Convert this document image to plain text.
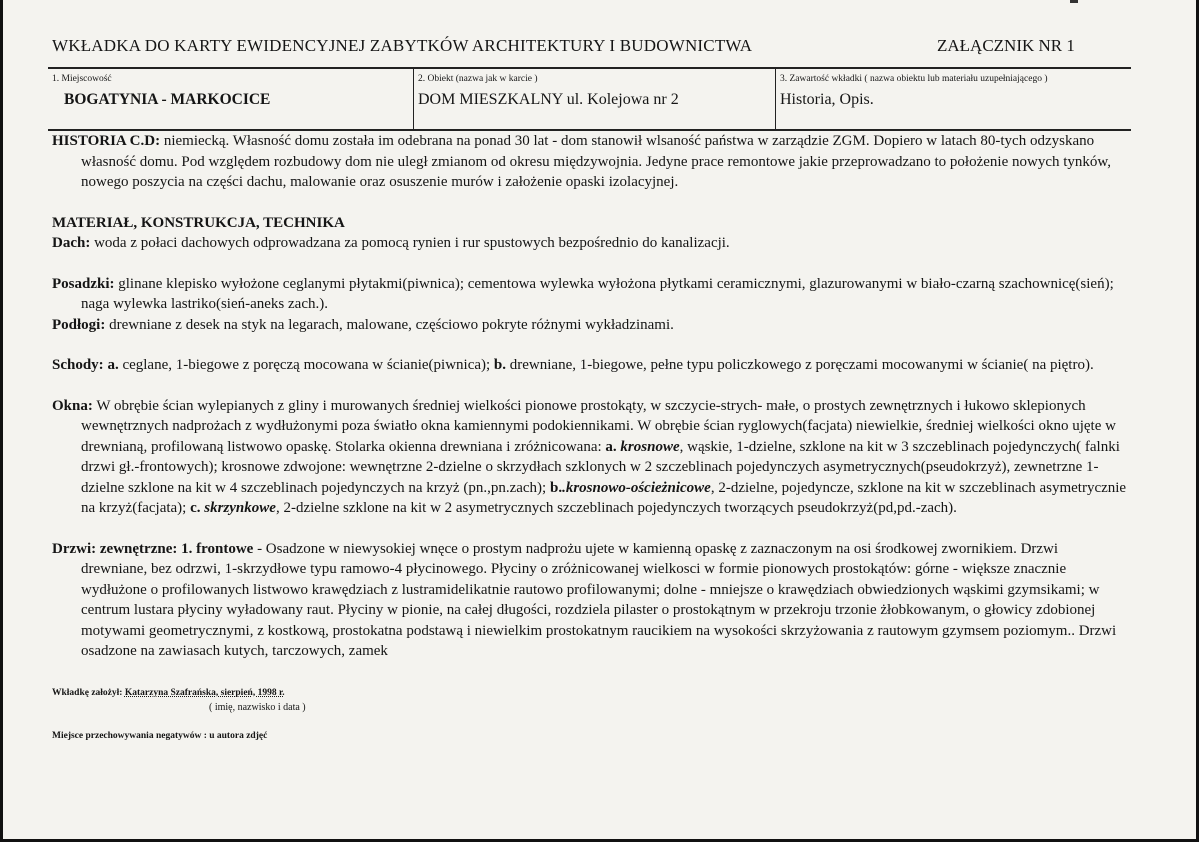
WKŁADKA DO KARTY EWIDENCYJNEJ ZABYTKÓW ARCHITEKTURY I BUDOWNICTWA	ZAŁĄCZNIK NR 1
1. Miejscowość
BOGATYNIA - MARKOCICE
2. Obiekt (nazwa jak w karcie )
DOM MIESZKALNY ul. Kolejowa nr 2
3. Zawartość wkładki ( nazwa obiektu lub materiału uzupełniającego )
Historia, Opis.

HISTORIA C.D: niemiecką. Własność domu została im odebrana na ponad 30 lat - dom stanowił wlsaność państwa w zarządzie ZGM. Dopiero w latach 80-tych odzyskano własność domu. Pod względem rozbudowy dom nie uległ zmianom od okresu międzywojnia. Jedyne prace remontowe jakie przeprowadzano to położenie nowych tynków, nowego poszycia na części dachu, malowanie oraz osuszenie murów i założenie opaski izolacyjnej.

MATERIAŁ, KONSTRUKCJA, TECHNIKA

Dach: woda z połaci dachowych odprowadzana za pomocą rynien i rur spustowych bezpośrednio do kanalizacji.

Posadzki: glinane klepisko wyłożone ceglanymi płytakmi(piwnica); cementowa wylewka wyłożona płytkami ceramicznymi, glazurowanymi w biało-czarną szachownicę(sień); naga wylewka lastriko(sień-aneks zach.).

Podłogi: drewniane z desek na styk na legarach, malowane, częściowo pokryte różnymi wykładzinami.

Schody: a. ceglane, 1-biegowe z poręczą mocowana w ścianie(piwnica); b. drewniane, 1-biegowe, pełne typu policzkowego z poręczami mocowanymi w ścianie( na piętro).

Okna: W obrębie ścian wylepianych z gliny i murowanych średniej wielkości pionowe prostokąty, w szczycie-strych- małe, o prostych zewnętrznych i łukowo sklepionych wewnętrznych nadprożach z wydłużonymi poza światło okna kamiennymi podokiennikami. W obrębie ścian ryglowych(facjata) niewielkie, średniej wielkości okno ujęte w drewnianą, profilowaną listwowo opaskę. Stolarka okienna drewniana i zróżnicowana: a. krosnowe, wąskie, 1-dzielne, szklone na kit w 3 szczeblinach pojedynczych( falnki drzwi gł.-frontowych); krosnowe zdwojone: wewnętrzne 2-dzielne o skrzydłach szklonych w 2 szczeblinach pojedynczych asymetrycznych(pseudokrzyż), zewnetrzne 1-dzielne szklone na kit w 4 szczeblinach pojedynczych na krzyż (pn.,pn.zach); b..krosnowo-ościeżnicowe, 2-dzielne, pojedyncze, szklone na kit w szczeblinach asymetrycznie na krzyż(facjata); c. skrzynkowe, 2-dzielne szklone na kit w 2 asymetrycznych szczeblinach pojedynczych tworzących pseudokrzyż(pd,pd.-zach).

Drzwi: zewnętrzne: 1. frontowe - Osadzone w niewysokiej wnęce o prostym nadprożu ujete w kamienną opaskę z zaznaczonym na osi środkowej zwornikiem. Drzwi drewniane, bez odrzwi, 1-skrzydłowe typu ramowo-4 płycinowego. Płyciny o zróżnicowanej wielkosci w formie pionowych prostokątów: górne - większe znacznie wydłużone o profilowanych listwowo krawędziach z lustramidelikatnie rautowo profilowanymi; dolne - mniejsze o krawędziach obwiedzionych wąskimi gzymsikami; w centrum lustara płyciny wyładowany raut. Płyciny w pionie, na całej długości, rozdziela pilaster o prostokątnym w przekroju trzonie żłobkowanym, o głowicy zdobionej motywami geometrycznymi, z kostkową, prostokatna podstawą i niewielkim prostokatnym raucikiem na wysokości skrzyżowania z rautowym gzymsem poziomym.. Drzwi osadzone na zawiasach kutych, tarczowych, zamek

Wkładkę założył: Katarzyna Szafrańska, sierpień, 1998 r.
( imię, nazwisko i data )
Miejsce przechowywania negatywów : u autora zdjęć
